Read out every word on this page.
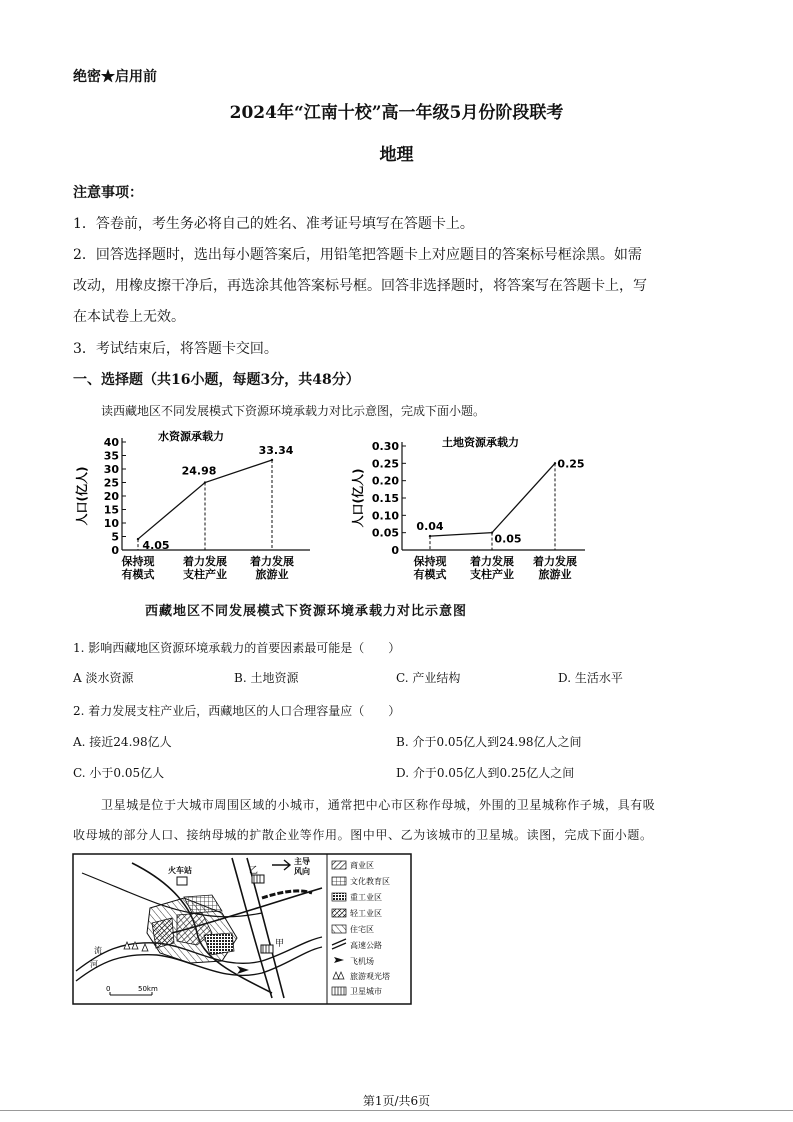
绝密★启用前
2024年“江南十校”高一年级5月份阶段联考
地理
注意事项：
1．答卷前，考生务必将自己的姓名、准考证号填写在答题卡上。
2．回答选择题时，选出每小题答案后，用铅笔把答题卡上对应题目的答案标号框涂黑。如需
改动，用橡皮擦干净后，再选涂其他答案标号框。回答非选择题时，将答案写在答题卡上，写
在本试卷上无效。
3．考试结束后，将答题卡交回。
一、选择题（共16小题，每题3分，共48分）
读西藏地区不同发展模式下资源环境承载力对比示意图，完成下面小题。
水资源承载力
0
5
10
15
20
25
30
35
40
人口(亿人)
4.05
24.98
33.34
保持现
有模式
着力发展
支柱产业
着力发展
旅游业
土地资源承载力
0
0.05
0.10
0.15
0.20
0.25
0.30
人口(亿人)	0.04
0.05
0.25
保持现
有模式
着力发展
支柱产业
着力发展
旅游业
西藏地区不同发展模式下资源环境承载力对比示意图
1. 影响西藏地区资源环境承载力的首要因素最可能是（　　）
A 淡水资源	B. 土地资源	C. 产业结构	D. 生活水平
2. 着力发展支柱产业后，西藏地区的人口合理容量应（　　）
A. 接近24.98亿人	B. 介于0.05亿人到24.98亿人之间
C. 小于0.05亿人	D. 介于0.05亿人到0.25亿人之间
卫星城是位于大城市周围区域的小城市，通常把中心市区称作母城，外围的卫星城称作子城，具有吸
收母城的部分人口、接纳母城的扩散企业等作用。图中甲、乙为该城市的卫星城。读图，完成下面小题。
火车站	乙
甲
主导
风向
流
河
0	50km
商业区
文化教育区
重工业区
轻工业区
住宅区
高速公路
飞机场
旅游观光塔
卫星城市
第1页/共6页
